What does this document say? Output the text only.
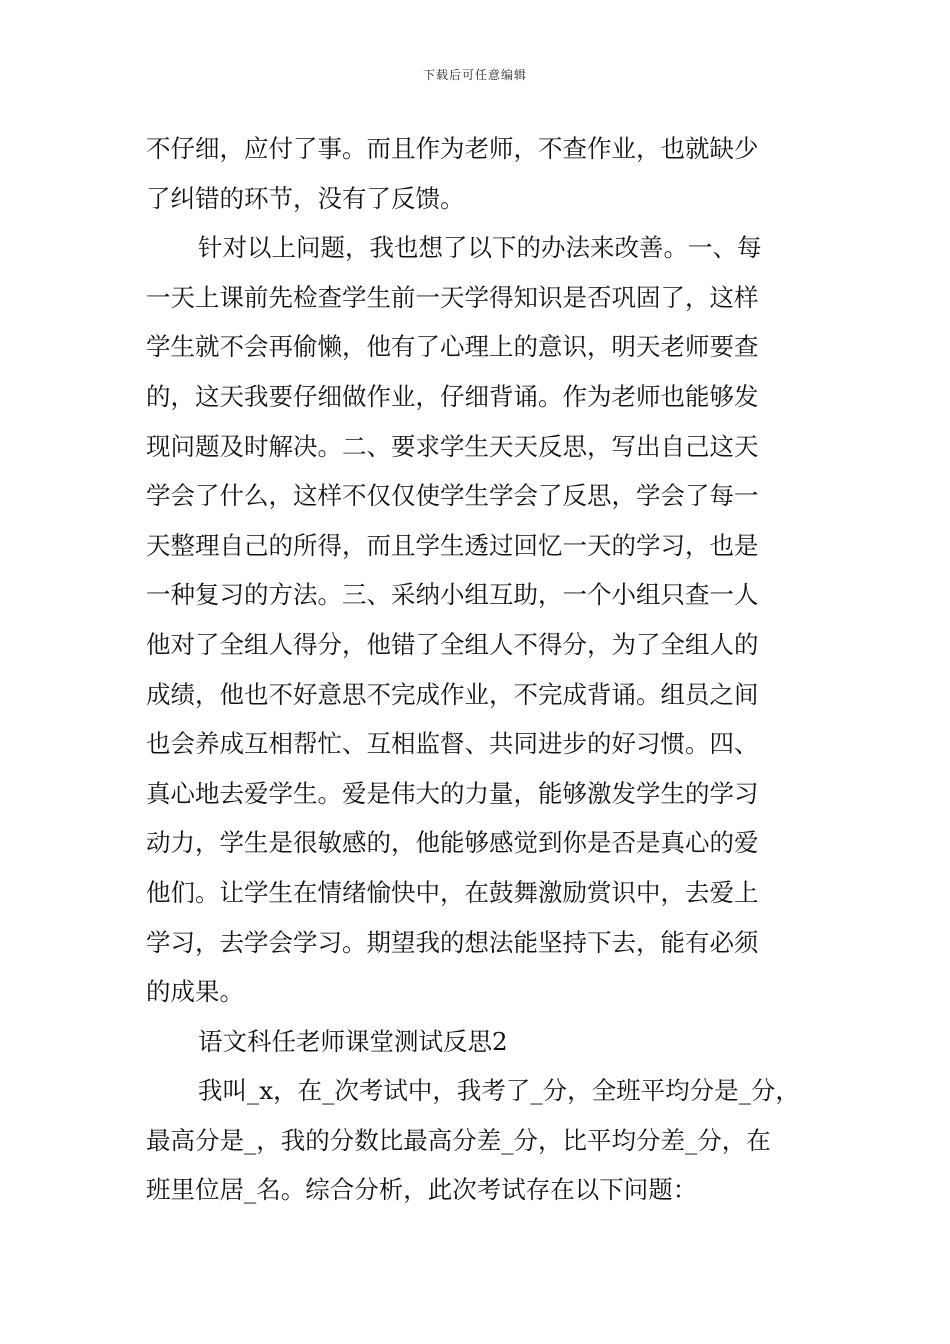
下载后可任意编辑
不仔细，应付了事。而且作为老师，不查作业，也就缺少
了纠错的环节，没有了反馈。
针对以上问题，我也想了以下的办法来改善。一、每
一天上课前先检查学生前一天学得知识是否巩固了，这样
学生就不会再偷懒，他有了心理上的意识，明天老师要查
的，这天我要仔细做作业，仔细背诵。作为老师也能够发
现问题及时解决。二、要求学生天天反思，写出自己这天
学会了什么，这样不仅仅使学生学会了反思，学会了每一
天整理自己的所得，而且学生透过回忆一天的学习，也是
一种复习的方法。三、采纳小组互助，一个小组只查一人
他对了全组人得分，他错了全组人不得分，为了全组人的
成绩，他也不好意思不完成作业，不完成背诵。组员之间
也会养成互相帮忙、互相监督、共同进步的好习惯。四、
真心地去爱学生。爱是伟大的力量，能够激发学生的学习
动力，学生是很敏感的，他能够感觉到你是否是真心的爱
他们。让学生在情绪愉快中，在鼓舞激励赏识中，去爱上
学习，去学会学习。期望我的想法能坚持下去，能有必须
的成果。
语文科任老师课堂测试反思2
我叫_x，在_次考试中，我考了_分，全班平均分是_分，
最高分是_，我的分数比最高分差_分，比平均分差_分，在
班里位居_名。综合分析，此次考试存在以下问题：
